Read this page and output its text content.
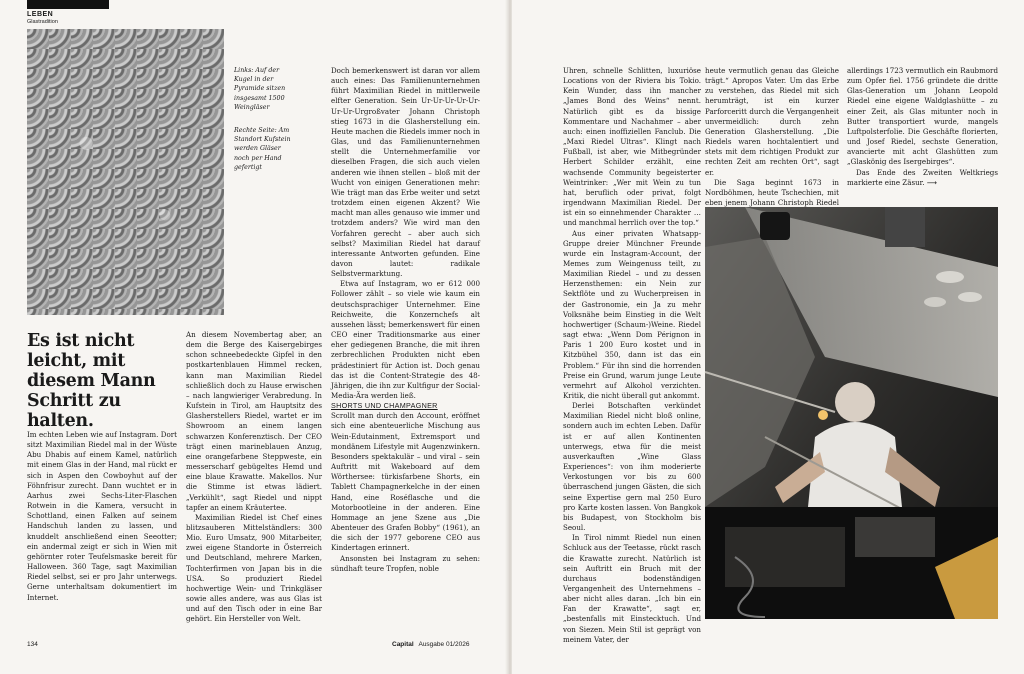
LEBEN
Glastradition
Links: Auf der Kugel in der Pyramide sitzen insgesamt 1500 Weingläser
Rechte Seite: Am Standort Kufstein werden Gläser noch per Hand gefertigt
Es ist nicht leicht, mit diesem Mann Schritt zu halten.

Im echten Leben wie auf Instagram. Dort sitzt Maximilian Riedel mal in der Wüste Abu Dhabis auf einem Kamel, natürlich mit einem Glas in der Hand, mal rückt er sich in Aspen den Cowboyhut auf der Föhnfrisur zurecht. Dann wuchtet er in Aarhus zwei Sechs-Liter-Flaschen Rotwein in die Kamera, versucht in Schottland, einen Falken auf seinem Handschuh landen zu lassen, und knuddelt anschließend einen Seeotter; ein andermal zeigt er sich in Wien mit gehörnter roter Teufelsmaske bereit für Halloween. 360 Tage, sagt Maximilian Riedel selbst, sei er pro Jahr unterwegs. Gerne unterhaltsam dokumentiert im Internet.

An diesem Novembertag aber, an dem die Berge des Kaisergebirges schon schneebedeckte Gipfel in den postkartenblauen Himmel recken, kann man Maximilian Riedel schließlich doch zu Hause erwischen – nach langwieriger Verabredung. In Kufstein in Tirol, am Hauptsitz des Glasherstellers Riedel, wartet er im Showroom an einem langen schwarzen Konferenztisch. Der CEO trägt einen marineblauen Anzug, eine orangefarbene Steppweste, ein messerscharf gebügeltes Hemd und eine blaue Krawatte. Makellos. Nur die Stimme ist etwas lädiert. „Verkühlt“, sagt Riedel und nippt tapfer an einem Kräutertee.

Maximilian Riedel ist Chef eines blitzsauberen Mittelständlers: 300 Mio. Euro Umsatz, 900 Mitarbeiter, zwei eigene Standorte in Österreich und Deutschland, mehrere Marken, Tochterfirmen von Japan bis in die USA. So produziert Riedel hochwertige Wein- und Trinkgläser sowie alles andere, was aus Glas ist und auf den Tisch oder in eine Bar gehört. Ein Hersteller von Welt.

Doch bemerkenswert ist daran vor allem auch eines: Das Familienunternehmen führt Maximilian Riedel in mittlerweile elfter Generation. Sein Ur-Ur-Ur-Ur-Ur-Ur-Ur-Urgroßvater Johann Christoph stieg 1673 in die Glasherstellung ein. Heute machen die Riedels immer noch in Glas, und das Familienunternehmen stellt die Unternehmerfamilie vor dieselben Fragen, die sich auch vielen anderen wie ihnen stellen – bloß mit der Wucht von einigen Generationen mehr: Wie trägt man das Erbe weiter und setzt trotzdem einen eigenen Akzent? Wie macht man alles genauso wie immer und trotzdem anders? Wie wird man den Vorfahren gerecht – aber auch sich selbst? Maximilian Riedel hat darauf interessante Antworten gefunden. Eine davon lautet: radikale Selbstvermarktung.

Etwa auf Instagram, wo er 612 000 Follower zählt – so viele wie kaum ein deutschsprachiger Unternehmer. Eine Reichweite, die Konzernchefs alt aussehen lässt; bemerkenswert für einen CEO einer Traditionsmarke aus einer eher gediegenen Branche, die mit ihren zerbrechlichen Produkten nicht eben prädestiniert für Action ist. Doch genau das ist die Content-Strategie des 48-Jährigen, die ihn zur Kultfigur der Social-Media-Ära werden ließ.

SHORTS UND CHAMPAGNER

Scrollt man durch den Account, eröffnet sich eine abenteuerliche Mischung aus Wein-Edutainment, Extremsport und mondänem Lifestyle mit Augenzwinkern. Besonders spektakulär – und viral – sein Auftritt mit Wakeboard auf dem Wörthersee: türkisfarbene Shorts, ein Tablett Champagnerkelche in der einen Hand, eine Roséflasche und die Motorbootleine in der anderen. Eine Hommage an jene Szene aus „Die Abenteuer des Grafen Bobby“ (1961), an die sich der 1977 geborene CEO aus Kindertagen erinnert.

Ansonsten bei Instagram zu sehen: sündhaft teure Tropfen, noble

134	Capital Ausgabe 01/2026

Uhren, schnelle Schlitten, luxuriöse Locations von der Riviera bis Tokio. Kein Wunder, dass ihn mancher „James Bond des Weins“ nennt. Natürlich gibt es da bissige Kommentare und Nachahmer – aber auch: einen inoffiziellen Fanclub. Die „Maxi Riedel Ultras“. Klingt nach Fußball, ist aber, wie Mitbegründer Herbert Schilder erzählt, eine wachsende Community begeisterter Weintrinker: „Wer mit Wein zu tun hat, beruflich oder privat, folgt irgendwann Maximilian Riedel. Der ist ein so einnehmender Charakter … und manchmal herrlich over the top.“

Aus einer privaten Whatsapp-Gruppe dreier Münchner Freunde wurde ein Instagram-Account, der Memes zum Weingenuss teilt, zu Maximilian Riedel – und zu dessen Herzensthemen: ein Nein zur Sektflöte und zu Wucherpreisen in der Gastronomie, ein Ja zu mehr Volksnähe beim Einstieg in die Welt hochwertiger (Schaum-)Weine. Riedel sagt etwa: „Wenn Dom Pérignon in Paris 1 200 Euro kostet und in Kitzbühel 350, dann ist das ein Problem.“ Für ihn sind die horrenden Preise ein Grund, warum junge Leute vermehrt auf Alkohol verzichten. Kritik, die nicht überall gut ankommt.

Derlei Botschaften verkündet Maximilian Riedel nicht bloß online, sondern auch im echten Leben. Dafür ist er auf allen Kontinenten unterwegs, etwa für die meist ausverkauften „Wine Glass Experiences“: von ihm moderierte Verkostungen vor bis zu 600 überraschend jungen Gästen, die sich seine Expertise gern mal 250 Euro pro Karte kosten lassen. Von Bangkok bis Budapest, von Stockholm bis Seoul.

In Tirol nimmt Riedel nun einen Schluck aus der Teetasse, rückt rasch die Krawatte zurecht. Natürlich ist sein Auftritt ein Bruch mit der durchaus bodenständigen Vergangenheit des Unternehmens – aber nicht alles daran. „Ich bin ein Fan der Krawatte“, sagt er, „bestenfalls mit Einstecktuch. Und von Siezen. Mein Stil ist geprägt von meinem Vater, der

heute vermutlich genau das Gleiche trägt.“ Apropos Vater. Um das Erbe zu verstehen, das Riedel mit sich herumträgt, ist ein kurzer Parforceritt durch die Vergangenheit unvermeidlich: durch zehn Generation Glasherstellung. „Die Riedels waren hochtalentiert und stets mit dem richtigen Produkt zur rechten Zeit am rechten Ort“, sagt er.

Die Saga beginnt 1673 in Nordböhmen, heute Tschechien, mit eben jenem Johann Christoph Riedel

allerdings 1723 vermutlich ein Raubmord zum Opfer fiel. 1756 gründete die dritte Glas-Generation um Johann Leopold Riedel eine eigene Waldglashütte – zu einer Zeit, als Glas mitunter noch in Butter transportiert wurde, mangels Luftpolsterfolie. Die Geschäfte florierten, und Josef Riedel, sechste Generation, avancierte mit acht Glashütten zum „Glaskönig des Isergebirges“.

Das Ende des Zweiten Weltkriegs markierte eine Zäsur. ⟶
